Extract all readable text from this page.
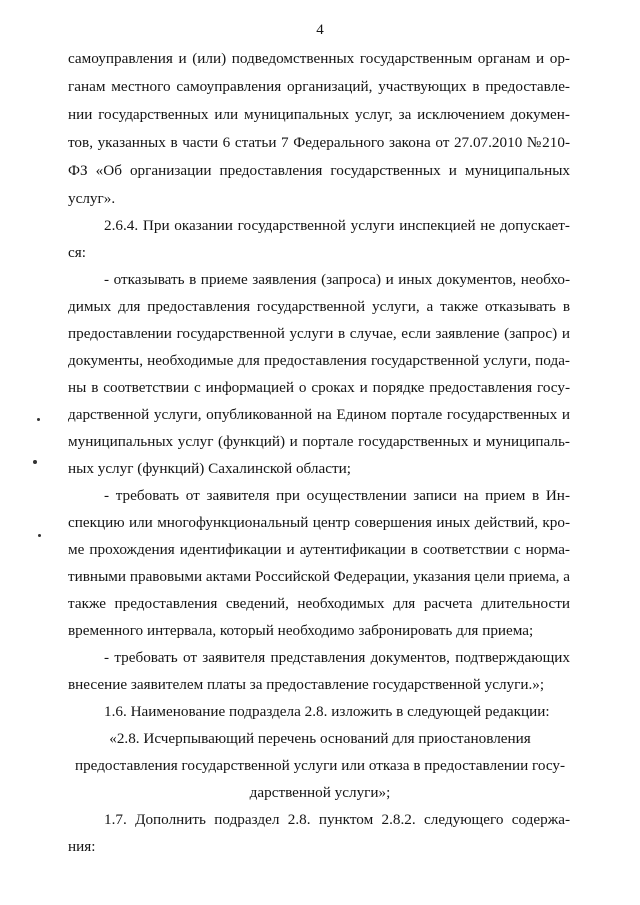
4
самоуправления и (или) подведомственных государственным органам и ор-
ганам местного самоуправления организаций, участвующих в предоставле-
нии государственных или муниципальных услуг, за исключением докумен-
тов, указанных в части 6 статьи 7 Федерального закона от 27.07.2010 №210-
ФЗ «Об организации предоставления государственных и муниципальных
услуг».
2.6.4. При оказании государственной услуги инспекцией не допускает-
ся:
- отказывать в приеме заявления (запроса) и иных документов, необхо-
димых для предоставления государственной услуги, а также отказывать в
предоставлении государственной услуги в случае, если заявление (запрос) и
документы, необходимые для предоставления государственной услуги, пода-
ны в соответствии с информацией о сроках и порядке предоставления госу-
дарственной услуги, опубликованной на Едином портале государственных и
муниципальных услуг (функций) и портале государственных и муниципаль-
ных услуг (функций) Сахалинской области;
- требовать от заявителя при осуществлении записи на прием в Ин-
спекцию или многофункциональный центр совершения иных действий, кро-
ме прохождения идентификации и аутентификации в соответствии с норма-
тивными правовыми актами Российской Федерации, указания цели приема, а
также предоставления сведений, необходимых для расчета длительности
временного интервала, который необходимо забронировать для приема;
- требовать от заявителя представления документов, подтверждающих
внесение заявителем платы за предоставление государственной услуги.»;
1.6. Наименование подраздела 2.8. изложить в следующей редакции:
«2.8. Исчерпывающий перечень оснований для приостановления
предоставления государственной услуги или отказа в предоставлении госу-
дарственной услуги»;
1.7. Дополнить подраздел 2.8. пунктом 2.8.2. следующего содержа-
ния:
